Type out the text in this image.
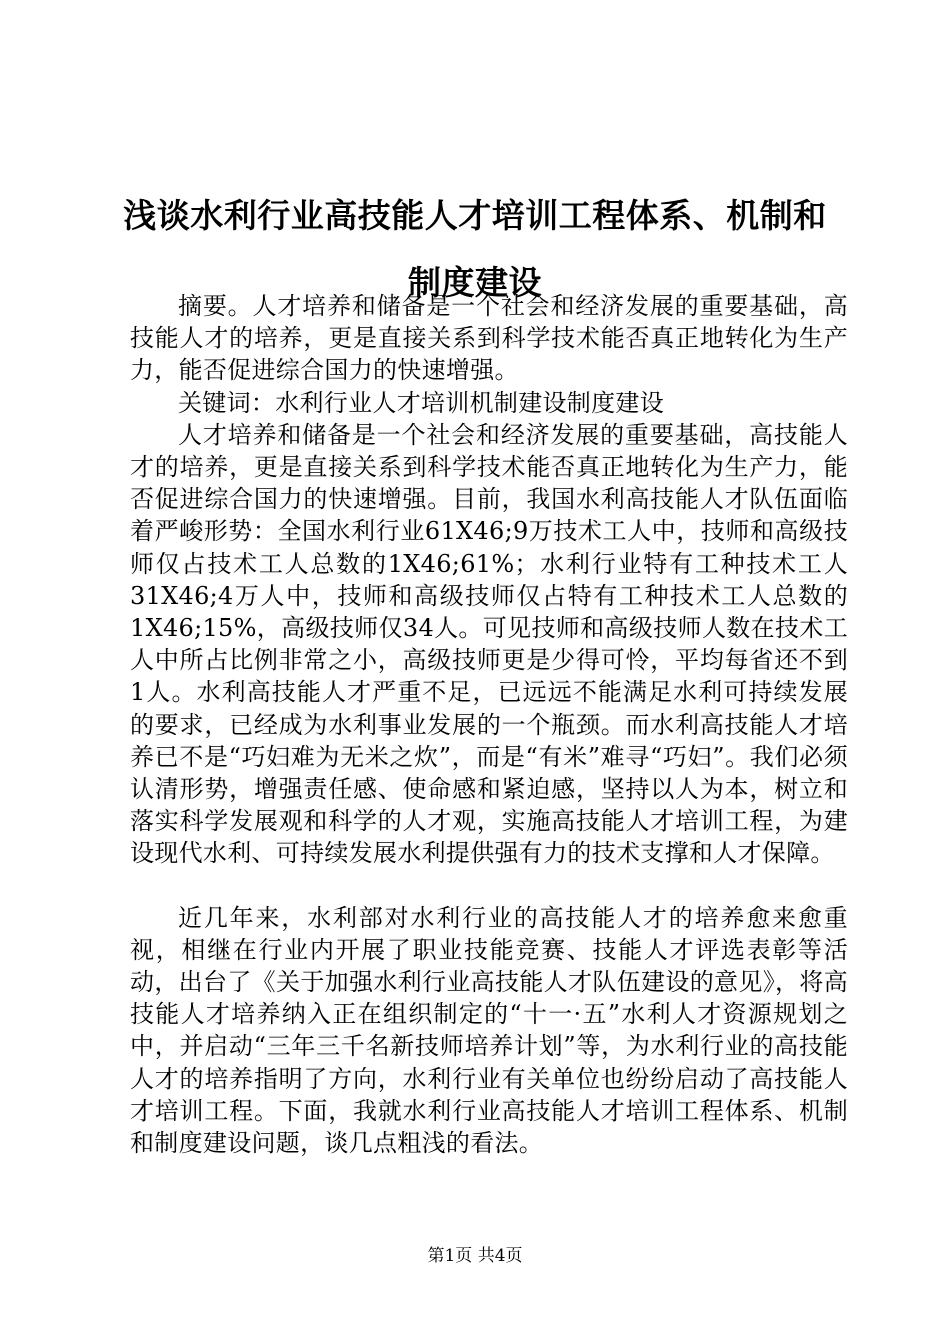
浅谈水利行业高技能人才培训工程体系、机制和制度建设

摘要。人才培养和储备是一个社会和经济发展的重要基础，高技能人才的培养，更是直接关系到科学技术能否真正地转化为生产力，能否促进综合国力的快速增强。

关键词：水利行业人才培训机制建设制度建设

人才培养和储备是一个社会和经济发展的重要基础，高技能人才的培养，更是直接关系到科学技术能否真正地转化为生产力，能否促进综合国力的快速增强。目前，我国水利高技能人才队伍面临着严峻形势：全国水利行业61X46;9万技术工人中，技师和高级技师仅占技术工人总数的1X46;61%；水利行业特有工种技术工人31X46;4万人中，技师和高级技师仅占特有工种技术工人总数的1X46;15%，高级技师仅34人。可见技师和高级技师人数在技术工人中所占比例非常之小，高级技师更是少得可怜，平均每省还不到1人。水利高技能人才严重不足，已远远不能满足水利可持续发展的要求，已经成为水利事业发展的一个瓶颈。而水利高技能人才培养已不是“巧妇难为无米之炊”，而是“有米”难寻“巧妇”。我们必须认清形势，增强责任感、使命感和紧迫感，坚持以人为本，树立和落实科学发展观和科学的人才观，实施高技能人才培训工程，为建设现代水利、可持续发展水利提供强有力的技术支撑和人才保障。

近几年来，水利部对水利行业的高技能人才的培养愈来愈重视，相继在行业内开展了职业技能竞赛、技能人才评选表彰等活动，出台了《关于加强水利行业高技能人才队伍建设的意见》，将高技能人才培养纳入正在组织制定的“十一·五”水利人才资源规划之中，并启动“三年三千名新技师培养计划”等，为水利行业的高技能人才的培养指明了方向，水利行业有关单位也纷纷启动了高技能人才培训工程。下面，我就水利行业高技能人才培训工程体系、机制和制度建设问题，谈几点粗浅的看法。

第1页 共4页
